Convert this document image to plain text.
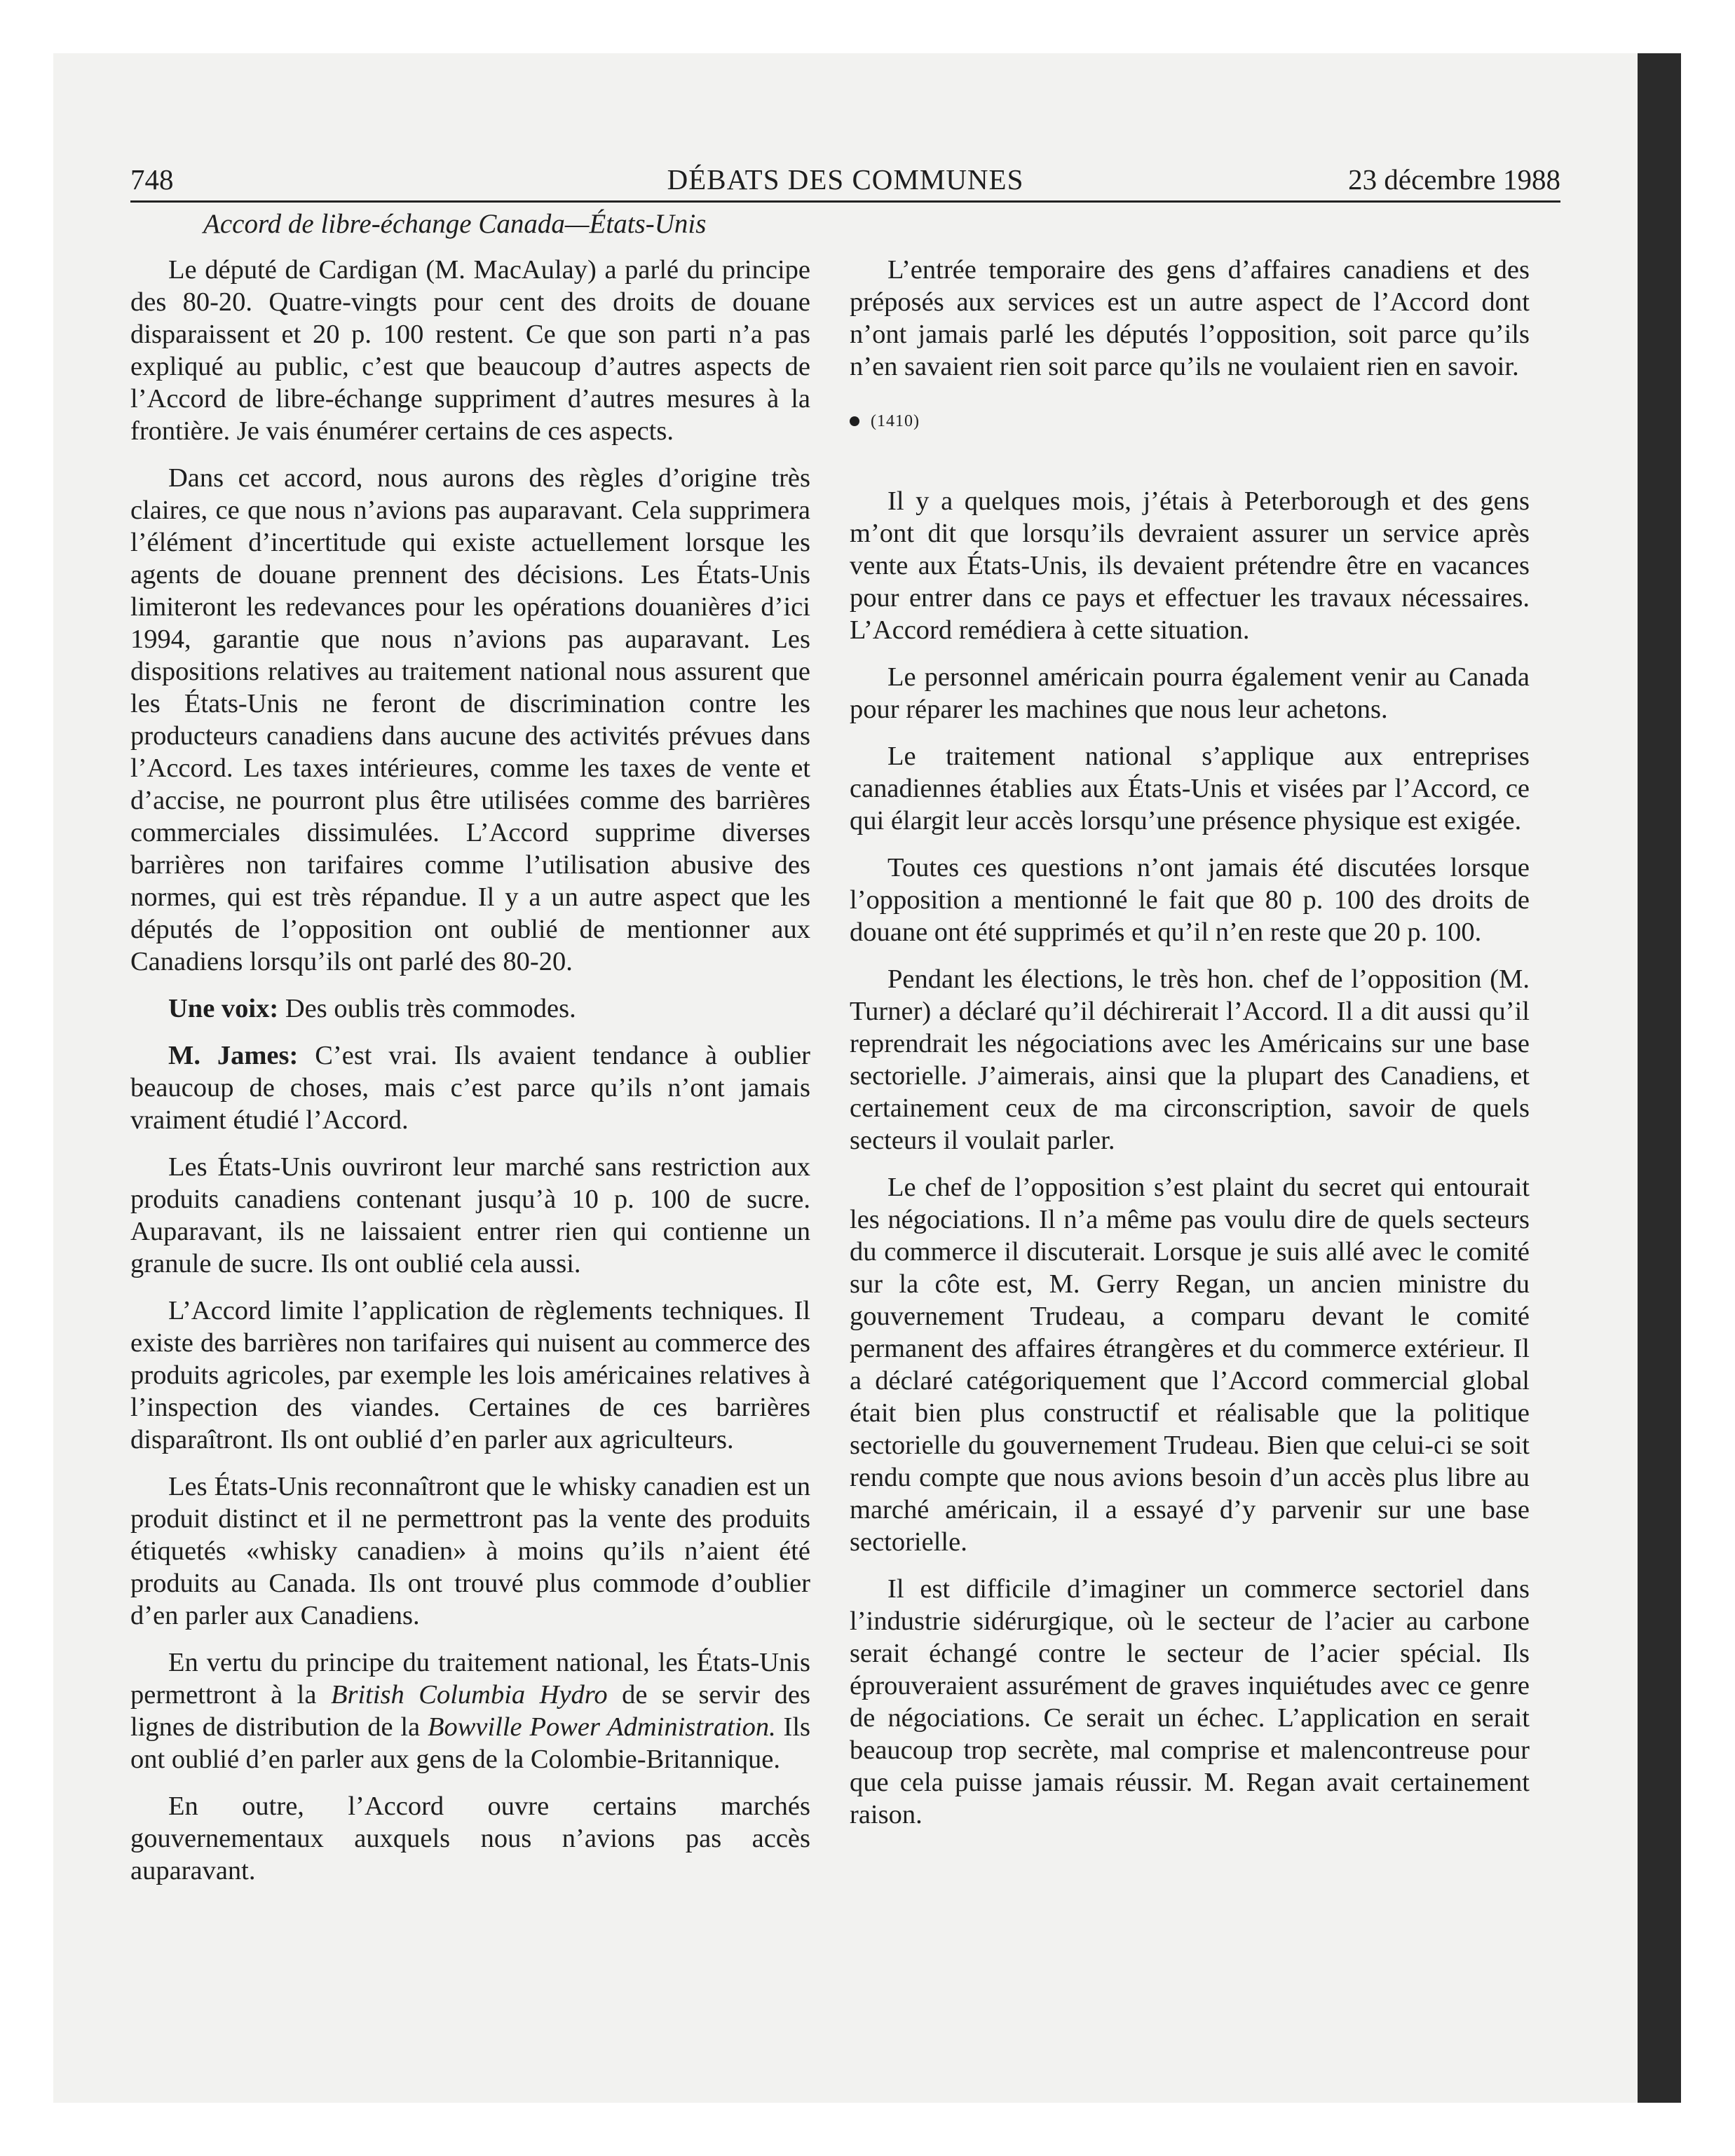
748	DÉBATS DES COMMUNES	23 décembre 1988
Accord de libre-échange Canada—États-Unis

Le député de Cardigan (M. MacAulay) a parlé du principe des 80-20. Quatre-vingts pour cent des droits de douane disparaissent et 20 p. 100 restent. Ce que son parti n’a pas expliqué au public, c’est que beaucoup d’autres aspects de l’Accord de libre-échange suppriment d’autres mesures à la frontière. Je vais énumérer certains de ces aspects.

Dans cet accord, nous aurons des règles d’origine très claires, ce que nous n’avions pas auparavant. Cela supprimera l’élément d’incertitude qui existe actuellement lorsque les agents de douane prennent des décisions. Les États-Unis limiteront les redevances pour les opérations douanières d’ici 1994, garantie que nous n’avions pas auparavant. Les dispositions relatives au traitement national nous assurent que les États-Unis ne feront de discrimination contre les producteurs canadiens dans aucune des activités prévues dans l’Accord. Les taxes intérieures, comme les taxes de vente et d’accise, ne pourront plus être utilisées comme des barrières commerciales dissimulées. L’Accord supprime diverses barrières non tarifaires comme l’utilisation abusive des normes, qui est très répandue. Il y a un autre aspect que les députés de l’opposition ont oublié de mentionner aux Canadiens lorsqu’ils ont parlé des 80-20.

Une voix: Des oublis très commodes.

M. James: C’est vrai. Ils avaient tendance à oublier beaucoup de choses, mais c’est parce qu’ils n’ont jamais vraiment étudié l’Accord.

Les États-Unis ouvriront leur marché sans restriction aux produits canadiens contenant jusqu’à 10 p. 100 de sucre. Auparavant, ils ne laissaient entrer rien qui contienne un granule de sucre. Ils ont oublié cela aussi.

L’Accord limite l’application de règlements techniques. Il existe des barrières non tarifaires qui nuisent au commerce des produits agricoles, par exemple les lois américaines relatives à l’inspection des viandes. Certaines de ces barrières disparaîtront. Ils ont oublié d’en parler aux agriculteurs.

Les États-Unis reconnaîtront que le whisky canadien est un produit distinct et il ne permettront pas la vente des produits étiquetés «whisky canadien» à moins qu’ils n’aient été produits au Canada. Ils ont trouvé plus commode d’oublier d’en parler aux Canadiens.

En vertu du principe du traitement national, les États-Unis permettront à la British Columbia Hydro de se servir des lignes de distribution de la Bowville Power Administration. Ils ont oublié d’en parler aux gens de la Colombie-Britannique.

En outre, l’Accord ouvre certains marchés gouvernementaux auxquels nous n’avions pas accès auparavant.

L’entrée temporaire des gens d’affaires canadiens et des préposés aux services est un autre aspect de l’Accord dont n’ont jamais parlé les députés l’opposition, soit parce qu’ils n’en savaient rien soit parce qu’ils ne voulaient rien en savoir.

(1410)

Il y a quelques mois, j’étais à Peterborough et des gens m’ont dit que lorsqu’ils devraient assurer un service après vente aux États-Unis, ils devaient prétendre être en vacances pour entrer dans ce pays et effectuer les travaux nécessaires. L’Accord remédiera à cette situation.

Le personnel américain pourra également venir au Canada pour réparer les machines que nous leur achetons.

Le traitement national s’applique aux entreprises canadiennes établies aux États-Unis et visées par l’Accord, ce qui élargit leur accès lorsqu’une présence physique est exigée.

Toutes ces questions n’ont jamais été discutées lorsque l’opposition a mentionné le fait que 80 p. 100 des droits de douane ont été supprimés et qu’il n’en reste que 20 p. 100.

Pendant les élections, le très hon. chef de l’opposition (M. Turner) a déclaré qu’il déchirerait l’Accord. Il a dit aussi qu’il reprendrait les négociations avec les Américains sur une base sectorielle. J’aimerais, ainsi que la plupart des Canadiens, et certainement ceux de ma circonscription, savoir de quels secteurs il voulait parler.

Le chef de l’opposition s’est plaint du secret qui entourait les négociations. Il n’a même pas voulu dire de quels secteurs du commerce il discuterait. Lorsque je suis allé avec le comité sur la côte est, M. Gerry Regan, un ancien ministre du gouvernement Trudeau, a comparu devant le comité permanent des affaires étrangères et du commerce extérieur. Il a déclaré catégoriquement que l’Accord commercial global était bien plus constructif et réalisable que la politique sectorielle du gouvernement Trudeau. Bien que celui-ci se soit rendu compte que nous avions besoin d’un accès plus libre au marché américain, il a essayé d’y parvenir sur une base sectorielle.

Il est difficile d’imaginer un commerce sectoriel dans l’industrie sidérurgique, où le secteur de l’acier au carbone serait échangé contre le secteur de l’acier spécial. Ils éprouveraient assurément de graves inquiétudes avec ce genre de négociations. Ce serait un échec. L’application en serait beaucoup trop secrète, mal comprise et malencontreuse pour que cela puisse jamais réussir. M. Regan avait certainement raison.
